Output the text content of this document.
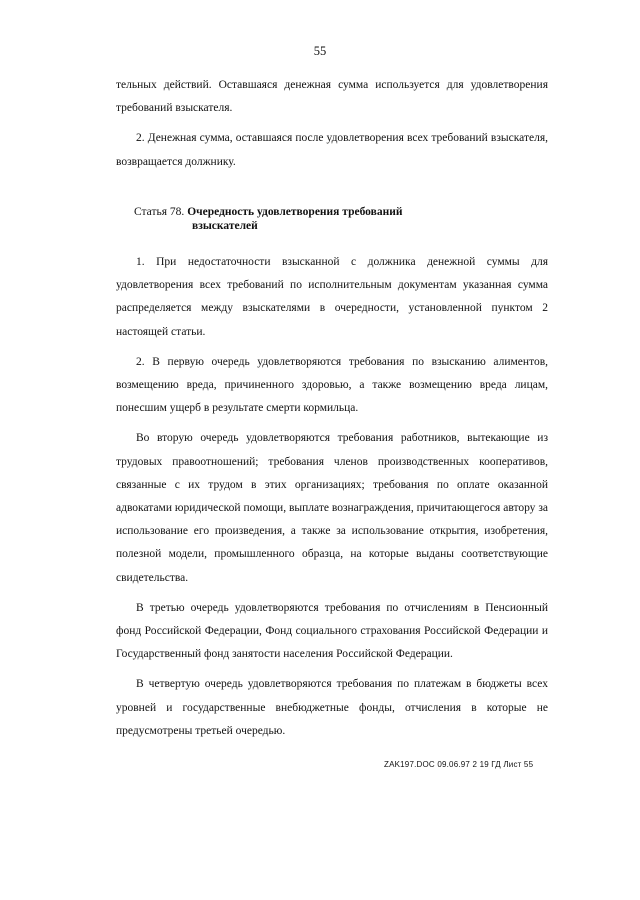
55

тельных действий. Оставшаяся денежная сумма используется для удовлетворения требований взыскателя.

2. Денежная сумма, оставшаяся после удовлетворения всех требований взыскателя, возвращается должнику.

Статья 78. Очередность удовлетворения требований
взыскателей

1. При недостаточности взысканной с должника денежной суммы для удовлетворения всех требований по исполнительным документам указанная сумма распределяется между взыскателями в очередности, установленной пунктом 2 настоящей статьи.

2. В первую очередь удовлетворяются требования по взысканию алиментов, возмещению вреда, причиненного здоровью, а также возмещению вреда лицам, понесшим ущерб в результате смерти кормильца.

Во вторую очередь удовлетворяются требования работников, вытекающие из трудовых правоотношений; требования членов производственных кооперативов, связанные с их трудом в этих организациях; требования по оплате оказанной адвокатами юридической помощи, выплате вознаграждения, причитающегося автору за использование его произведения, а также за использование открытия, изобретения, полезной модели, промышленного образца, на которые выданы соответствующие свидетельства.

В третью очередь удовлетворяются требования по отчислениям в Пенсионный фонд Российской Федерации, Фонд социального страхования Российской Федерации и Государственный фонд занятости населения Российской Федерации.

В четвертую очередь удовлетворяются требования по платежам в бюджеты всех уровней и государственные внебюджетные фонды, отчисления в которые не предусмотрены третьей очередью.

ZAK197.DOC 09.06.97 2 19 ГД Лист 55
